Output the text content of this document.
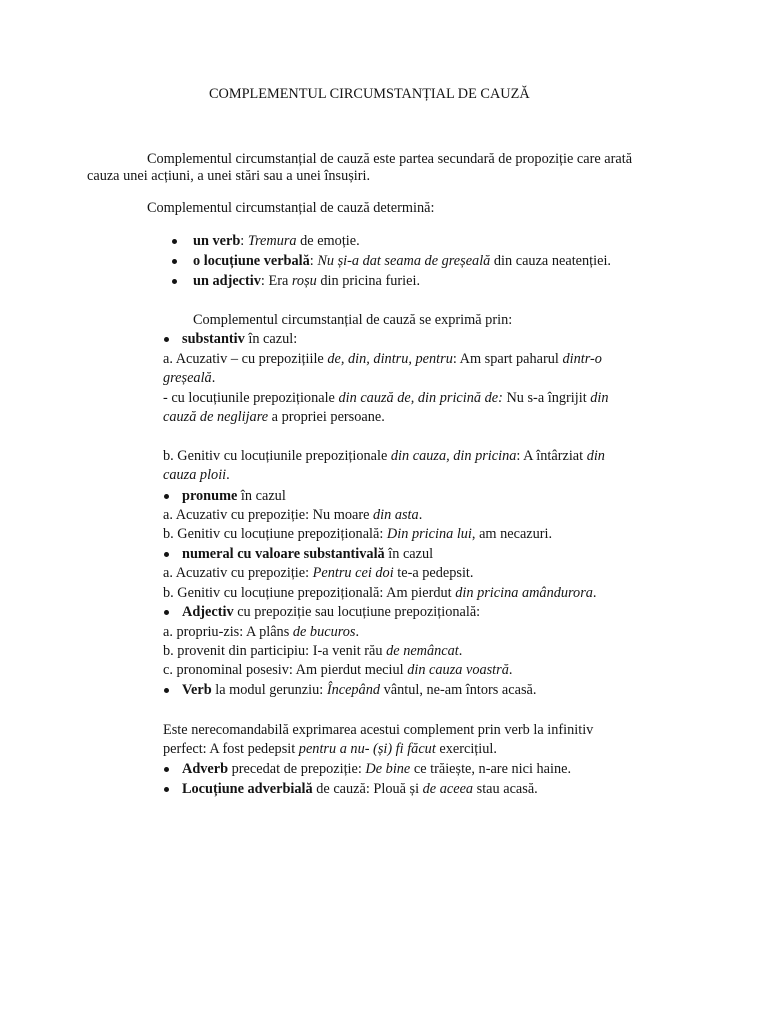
COMPLEMENTUL CIRCUMSTANȚIAL DE CAUZĂ
Complementul circumstanțial de cauză este partea secundară de propoziție care arată
cauza unei acțiuni, a unei stări sau a unei însușiri.
Complementul circumstanțial de cauză determină:
un verb: Tremura de emoție.
o locuțiune verbală: Nu și-a dat seama de greșeală din cauza neatenției.
un adjectiv: Era roșu din pricina furiei.
Complementul circumstanțial de cauză se exprimă prin:
substantiv în cazul:
a. Acuzativ – cu prepozițiile de, din, dintru, pentru: Am spart paharul dintr-o
greșeală.
- cu locuțiunile prepoziționale din cauză de, din pricină de: Nu s-a îngrijit din
cauză de neglijare a propriei persoane.
b. Genitiv cu locuțiunile prepoziționale din cauza, din pricina: A întârziat din
cauza ploii.
pronume în cazul
a. Acuzativ cu prepoziție: Nu moare din asta.
b. Genitiv cu locuțiune prepozițională: Din pricina lui, am necazuri.
numeral cu valoare substantivală în cazul
a. Acuzativ cu prepoziție: Pentru cei doi te-a pedepsit.
b. Genitiv cu locuțiune prepozițională: Am pierdut din pricina amândurora.
Adjectiv cu prepoziție sau locuțiune prepozițională:
a. propriu-zis: A plâns de bucuros.
b. provenit din participiu: I-a venit rău de nemâncat.
c. pronominal posesiv: Am pierdut meciul din cauza voastră.
Verb la modul gerunziu: Începând vântul, ne-am întors acasă.
Este nerecomandabilă exprimarea acestui complement prin verb la infinitiv
perfect: A fost pedepsit pentru a nu- (și) fi făcut exercițiul.
Adverb precedat de prepoziție: De bine ce trăiește, n-are nici haine.
Locuțiune adverbială de cauză: Plouă și de aceea stau acasă.
